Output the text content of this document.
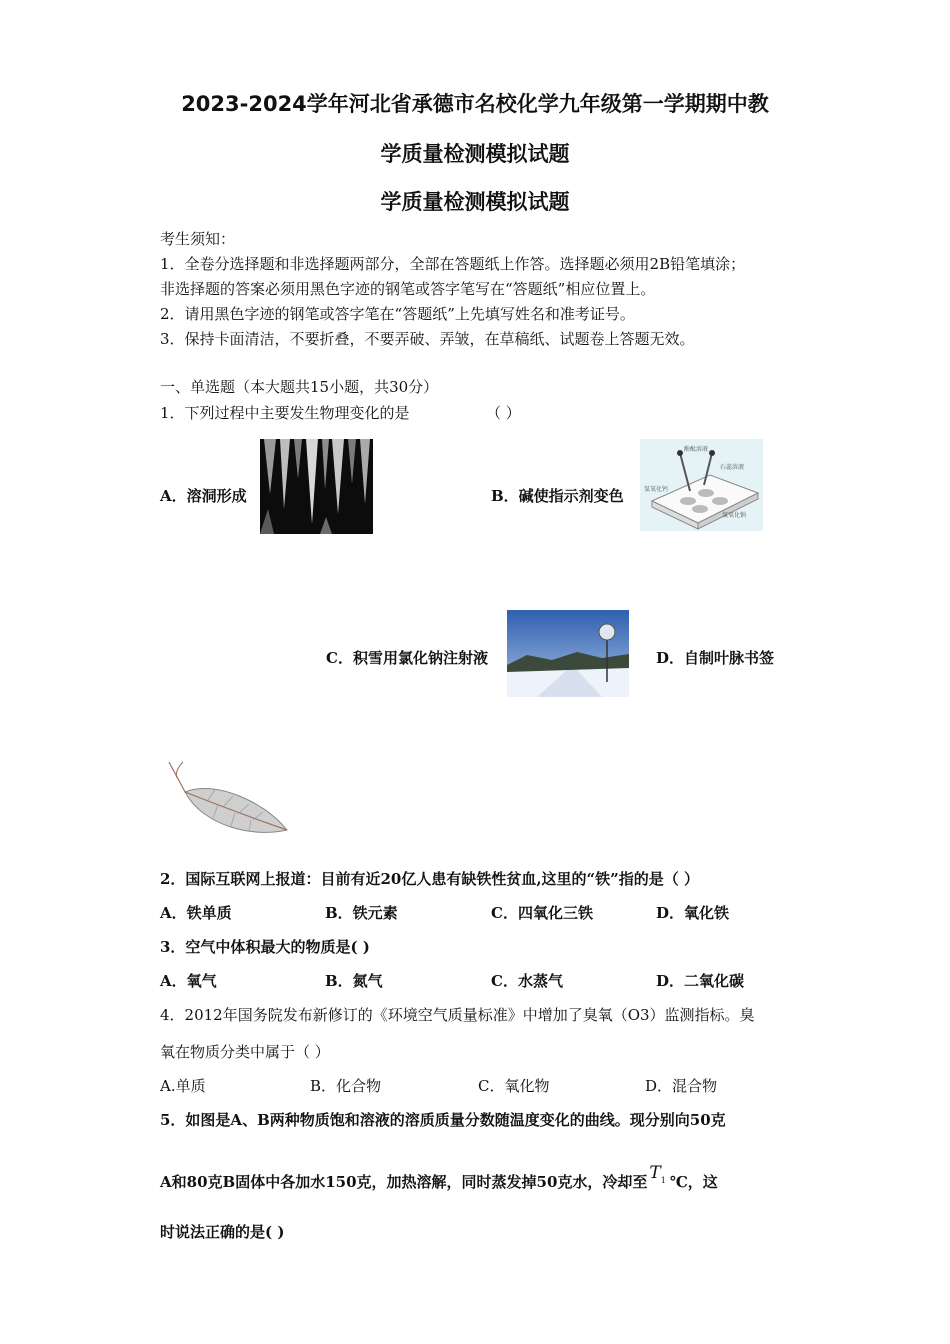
2023-2024学年河北省承德市名校化学九年级第一学期期中教
学质量检测模拟试题
学质量检测模拟试题
考生须知：
1．全卷分选择题和非选择题两部分，全部在答题纸上作答。选择题必须用2B铅笔填涂；
非选择题的答案必须用黑色字迹的钢笔或答字笔写在“答题纸”相应位置上。
2．请用黑色字迹的钢笔或答字笔在“答题纸”上先填写姓名和准考证号。
3．保持卡面清洁，不要折叠，不要弄破、弄皱，在草稿纸、试题卷上答题无效。
一、单选题（本大题共15小题，共30分）
1．下列过程中主要发生物理变化的是	（ ）
A．溶洞形成	B．碱使指示剂变色
酚酞溶液
石蕊溶液
氢氧化钙
氢氧化钠
C．积雪用氯化钠注射液	D．自制叶脉书签
2．国际互联网上报道：目前有近20亿人患有缺铁性贫血,这里的“铁”指的是（ ）
A．铁单质	B．铁元素	C．四氧化三铁	D．氧化铁
3．空气中体积最大的物质是( )
A．氧气	B．氮气	C．水蒸气	D．二氧化碳
4．2012年国务院发布新修订的《环境空气质量标准》中增加了臭氧（O3）监测指标。臭
氧在物质分类中属于（ ）
A.单质	B．化合物	C．氧化物	D．混合物
5．如图是A、B两种物质饱和溶液的溶质质量分数随温度变化的曲线。现分别向50克
A和80克B固体中各加水150克，加热溶解，同时蒸发掉50克水，冷却至 $T^1$ ℃，这
时说法正确的是( )
